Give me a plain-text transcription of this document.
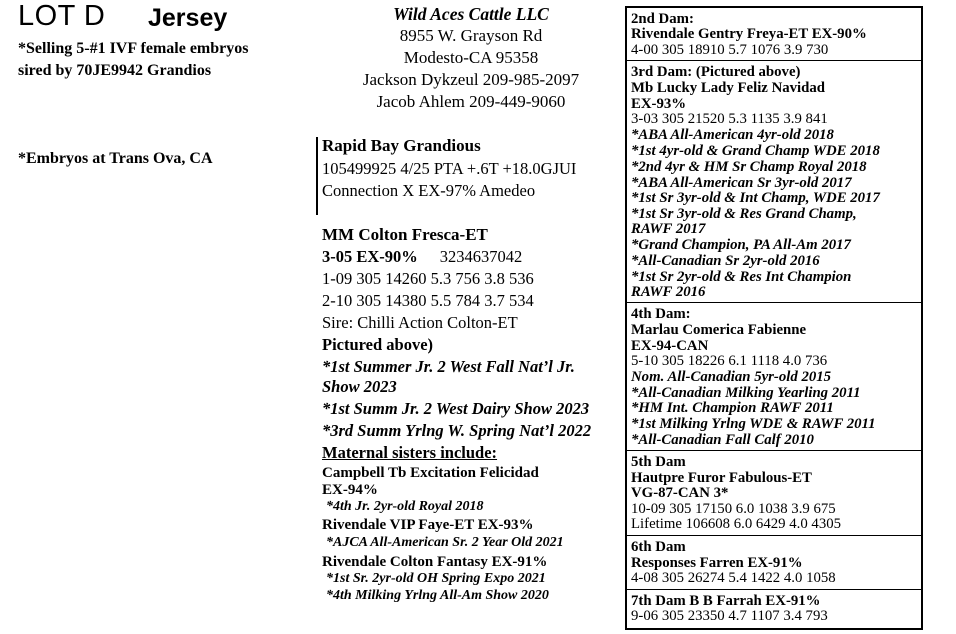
LOT D Jersey
*Selling 5-#1 IVF female embryos
sired by 70JE9942 Grandios
*Embryos at Trans Ova, CA
Wild Aces Cattle LLC
8955 W. Grayson Rd
Modesto-CA 95358
Jackson Dykzeul 209-985-2097
Jacob Ahlem 209-449-9060
Rapid Bay Grandious
105499925 4/25 PTA +.6T +18.0GJUI
Connection X EX-97% Amedeo
MM Colton Fresca-ET
3-05 EX-90% 3234637042
1-09 305 14260 5.3 756 3.8 536
2-10 305 14380 5.5 784 3.7 534
Sire: Chilli Action Colton-ET
Pictured above)
*1st Summer Jr. 2 West Fall Nat’l Jr.
Show 2023
*1st Summ Jr. 2 West Dairy Show 2023
*3rd Summ Yrlng W. Spring Nat’l 2022
Maternal sisters include:
Campbell Tb Excitation Felicidad
EX-94%
*4th Jr. 2yr-old Royal 2018
Rivendale VIP Faye-ET EX-93%
*AJCA All-American Sr. 2 Year Old 2021
Rivendale Colton Fantasy EX-91%
*1st Sr. 2yr-old OH Spring Expo 2021
*4th Milking Yrlng All-Am Show 2020
2nd Dam:
Rivendale Gentry Freya-ET EX-90%
4-00 305 18910 5.7 1076 3.9 730
3rd Dam: (Pictured above)
Mb Lucky Lady Feliz Navidad
EX-93%
3-03 305 21520 5.3 1135 3.9 841
*ABA All-American 4yr-old 2018
*1st 4yr-old & Grand Champ WDE 2018
*2nd 4yr & HM Sr Champ Royal 2018
*ABA All-American Sr 3yr-old 2017
*1st Sr 3yr-old & Int Champ, WDE 2017
*1st Sr 3yr-old & Res Grand Champ,
RAWF 2017
*Grand Champion, PA All-Am 2017
*All-Canadian Sr 2yr-old 2016
*1st Sr 2yr-old & Res Int Champion
RAWF 2016
4th Dam:
Marlau Comerica Fabienne
EX-94-CAN
5-10 305 18226 6.1 1118 4.0 736
Nom. All-Canadian 5yr-old 2015
*All-Canadian Milking Yearling 2011
*HM Int. Champion RAWF 2011
*1st Milking Yrlng WDE & RAWF 2011
*All-Canadian Fall Calf 2010
5th Dam
Hautpre Furor Fabulous-ET
VG-87-CAN 3*
10-09 305 17150 6.0 1038 3.9 675
Lifetime 106608 6.0 6429 4.0 4305
6th Dam
Responses Farren EX-91%
4-08 305 26274 5.4 1422 4.0 1058
7th Dam B B Farrah EX-91%
9-06 305 23350 4.7 1107 3.4 793
